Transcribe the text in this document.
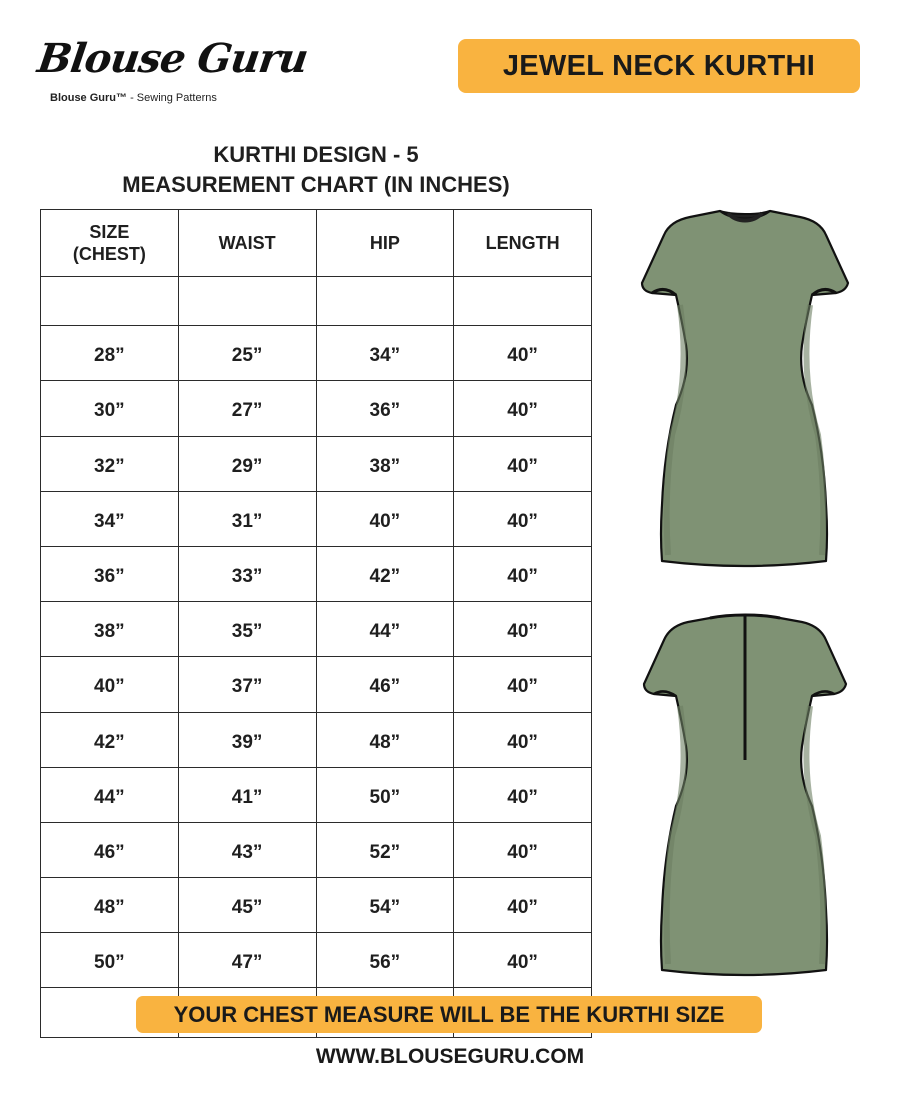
Blouse Guru
Blouse Guru™ - Sewing Patterns
JEWEL NECK KURTHI
KURTHI DESIGN - 5
MEASUREMENT CHART (IN INCHES)
SIZE (CHEST)	WAIST	HIP	LENGTH

28”	25”	34”	40”
30”	27”	36”	40”
32”	29”	38”	40”
34”	31”	40”	40”
36”	33”	42”	40”
38”	35”	44”	40”
40”	37”	46”	40”
42”	39”	48”	40”
44”	41”	50”	40”
46”	43”	52”	40”
48”	45”	54”	40”
50”	47”	56”	40”

YOUR CHEST MEASURE WILL BE THE KURTHI SIZE
WWW.BLOUSEGURU.COM
